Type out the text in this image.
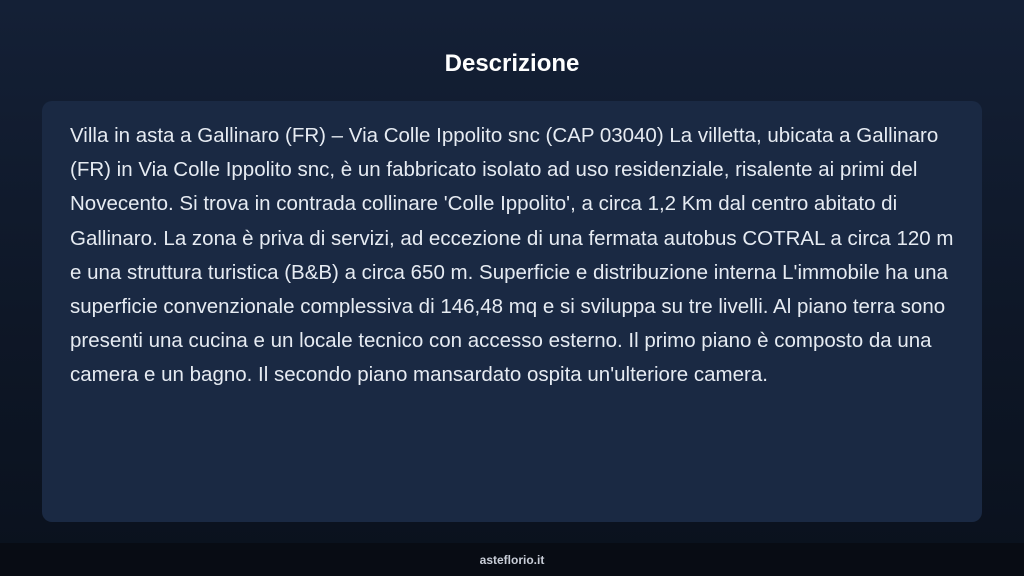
Descrizione

Villa in asta a Gallinaro (FR) – Via Colle Ippolito snc (CAP 03040) La villetta, ubicata a Gallinaro (FR) in Via Colle Ippolito snc, è un fabbricato isolato ad uso residenziale, risalente ai primi del Novecento. Si trova in contrada collinare 'Colle Ippolito', a circa 1,2 Km dal centro abitato di Gallinaro. La zona è priva di servizi, ad eccezione di una fermata autobus COTRAL a circa 120 m e una struttura turistica (B&B) a circa 650 m. Superficie e distribuzione interna L'immobile ha una superficie convenzionale complessiva di 146,48 mq e si sviluppa su tre livelli. Al piano terra sono presenti una cucina e un locale tecnico con accesso esterno. Il primo piano è composto da una camera e un bagno. Il secondo piano mansardato ospita un'ulteriore camera.

asteflorio.it
